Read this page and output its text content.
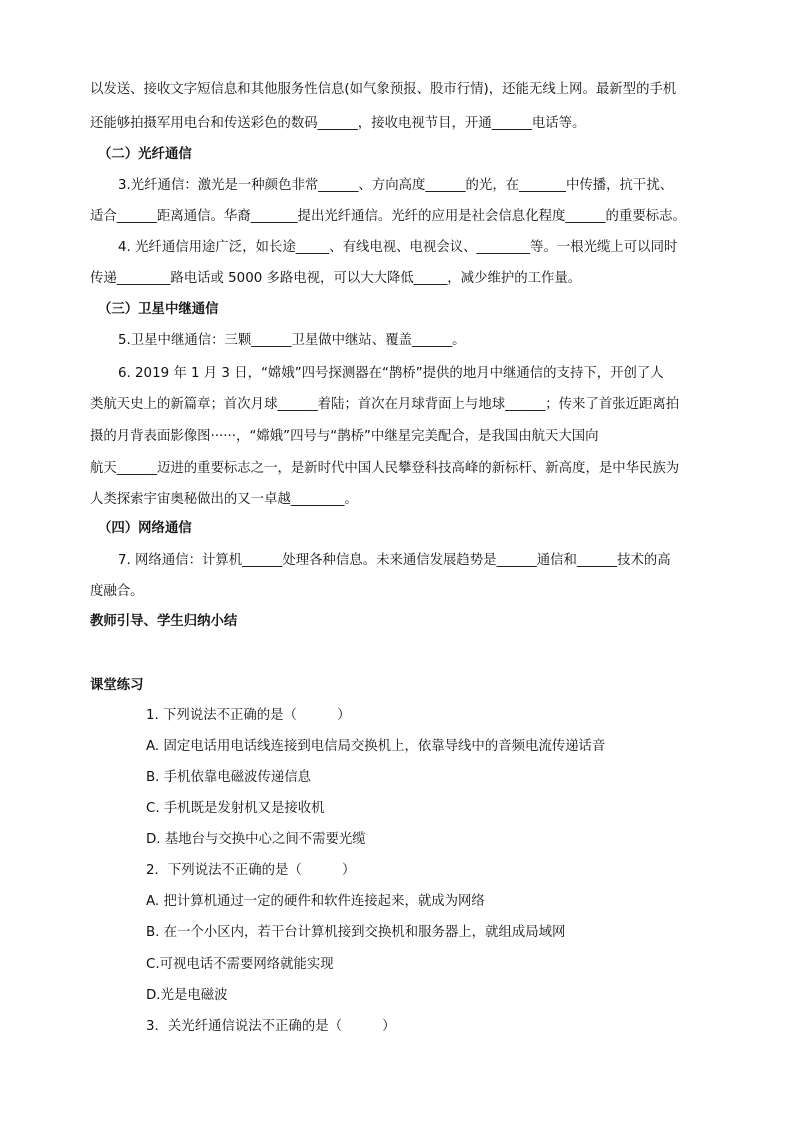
以发送、接收文字短信息和其他服务性信息(如气象预报、股市行情)，还能无线上网。最新型的手机
还能够拍摄军用电台和传送彩色的数码______，接收电视节目，开通______电话等。
（二）光纤通信
3.光纤通信：激光是一种颜色非常______、方向高度______的光，在_______中传播，抗干扰、
适合______距离通信。华裔_______提出光纤通信。光纤的应用是社会信息化程度______的重要标志。
4. 光纤通信用途广泛，如长途_____、有线电视、电视会议、________等。一根光缆上可以同时
传递________路电话或 5000 多路电视，可以大大降低_____，减少维护的工作量。
（三）卫星中继通信
5.卫星中继通信：三颗______卫星做中继站、覆盖______。
6. 2019 年 1 月 3 日，“嫦娥”四号探测器在“鹊桥”提供的地月中继通信的支持下，开创了人
类航天史上的新篇章；首次月球______着陆；首次在月球背面上与地球______；传来了首张近距离拍
摄的月背表面影像图······，“嫦娥”四号与“鹊桥”中继星完美配合，是我国由航天大国向
航天______迈进的重要标志之一，是新时代中国人民攀登科技高峰的新标杆、新高度，是中华民族为
人类探索宇宙奥秘做出的又一卓越________。
（四）网络通信
7. 网络通信：计算机______处理各种信息。未来通信发展趋势是______通信和______技术的高
度融合。
教师引导、学生归纳小结
课堂练习
1. 下列说法不正确的是（　　　）
A. 固定电话用电话线连接到电信局交换机上，依靠导线中的音频电流传递话音
B. 手机依靠电磁波传递信息
C. 手机既是发射机又是接收机
D. 基地台与交换中心之间不需要光缆
2．下列说法不正确的是（　　　）
A. 把计算机通过一定的硬件和软件连接起来，就成为网络
B. 在一个小区内，若干台计算机接到交换机和服务器上，就组成局域网
C.可视电话不需要网络就能实现
D.光是电磁波
3．关光纤通信说法不正确的是（　　　）
